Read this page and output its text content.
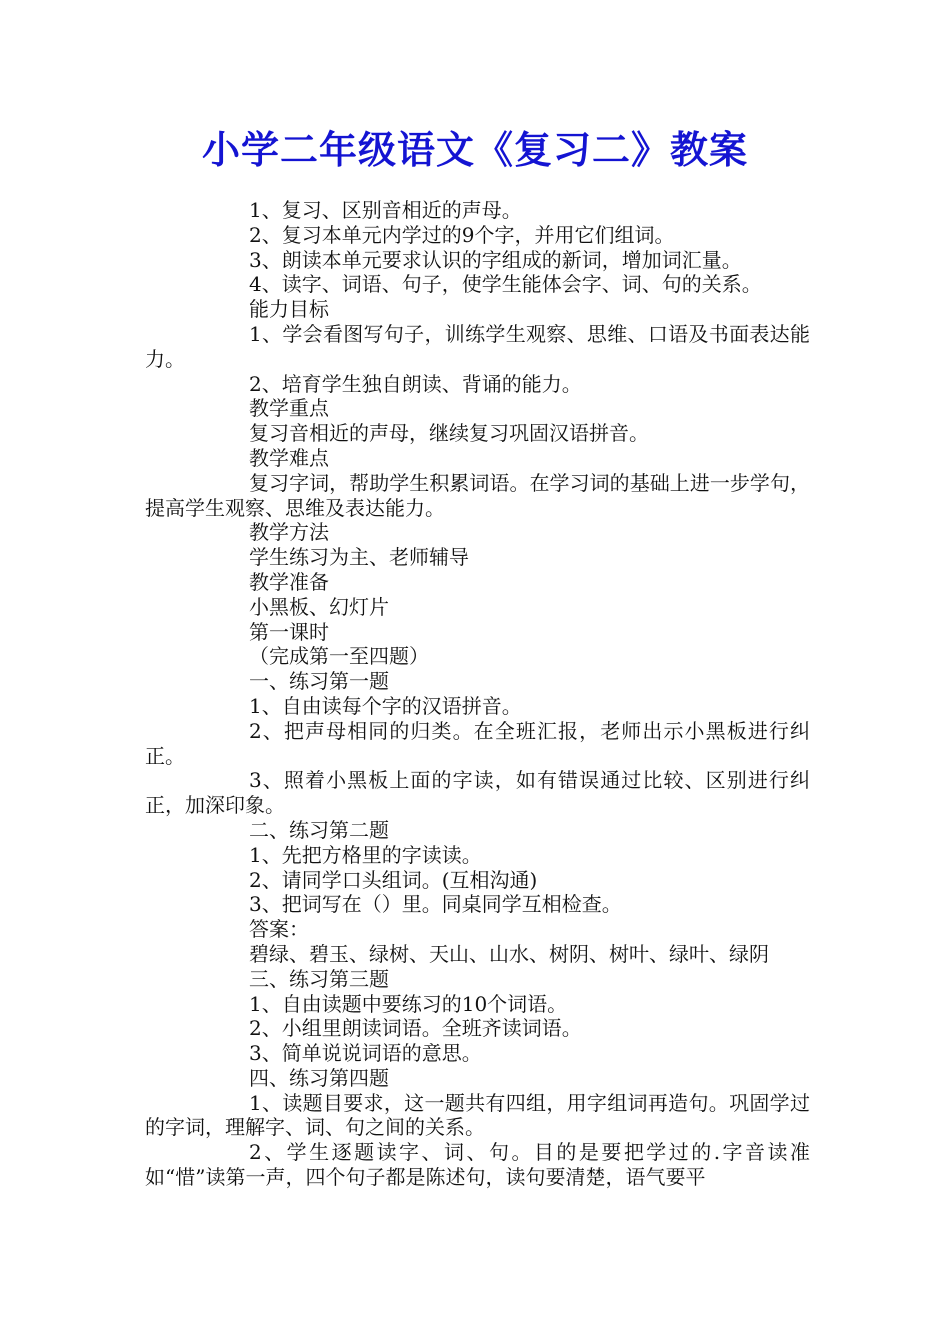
小学二年级语文《复习二》教案

1、复习、区别音相近的声母。

2、复习本单元内学过的9个字，并用它们组词。

3、朗读本单元要求认识的字组成的新词，增加词汇量。

4、读字、词语、句子，使学生能体会字、词、句的关系。

能力目标

1、学会看图写句子，训练学生观察、思维、口语及书面表达能力。

2、培育学生独自朗读、背诵的能力。

教学重点

复习音相近的声母，继续复习巩固汉语拼音。

教学难点

复习字词，帮助学生积累词语。在学习词的基础上进一步学句，提高学生观察、思维及表达能力。

教学方法

学生练习为主、老师辅导

教学准备

小黑板、幻灯片

第一课时

（完成第一至四题）

一、练习第一题

1、自由读每个字的汉语拼音。

2、把声母相同的归类。在全班汇报，老师出示小黑板进行纠正。

3、照着小黑板上面的字读，如有错误通过比较、区别进行纠正，加深印象。

二、练习第二题

1、先把方格里的字读读。

2、请同学口头组词。(互相沟通)

3、把词写在（）里。同桌同学互相检查。

答案：

碧绿、碧玉、绿树、天山、山水、树阴、树叶、绿叶、绿阴

三、练习第三题

1、自由读题中要练习的10个词语。

2、小组里朗读词语。全班齐读词语。

3、简单说说词语的意思。

四、练习第四题

1、读题目要求，这一题共有四组，用字组词再造句。巩固学过的字词，理解字、词、句之间的关系。

2、学生逐题读字、词、句。目的是要把学过的.字音读准如“惜”读第一声，四个句子都是陈述句，读句要清楚，语气要平
